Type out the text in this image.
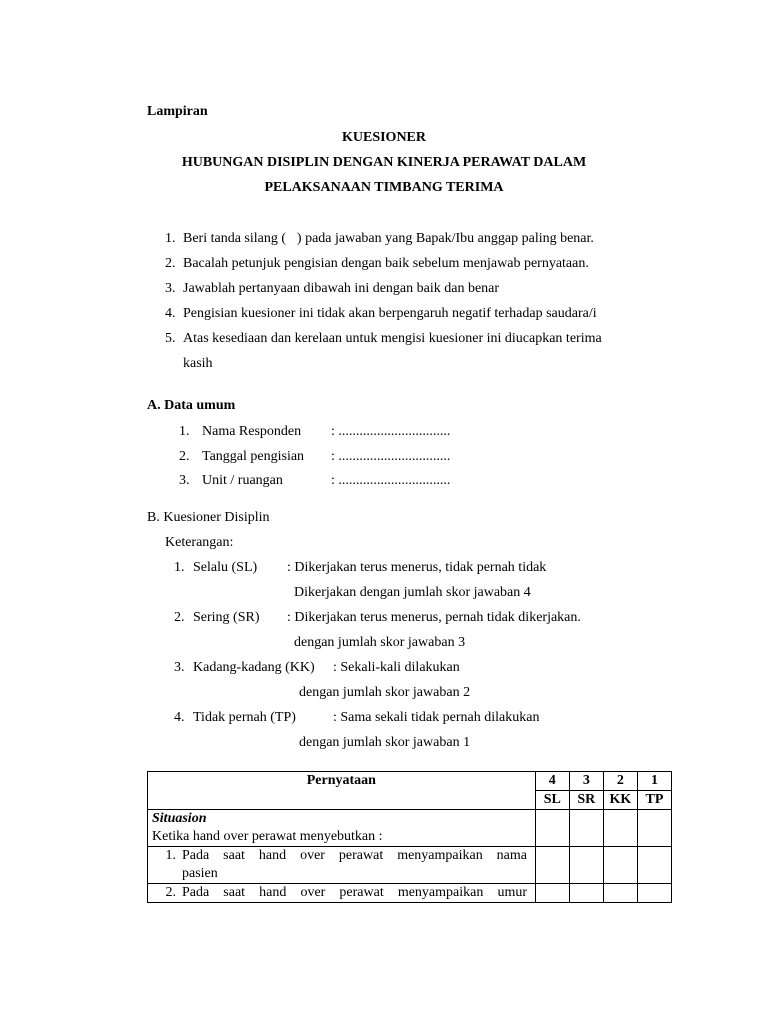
Lampiran
KUESIONER
HUBUNGAN DISIPLIN DENGAN KINERJA PERAWAT DALAM
PELAKSANAAN TIMBANG TERIMA
1. Beri tanda silang (⃒) pada jawaban yang Bapak/Ibu anggap paling benar.
2. Bacalah petunjuk pengisian dengan baik sebelum menjawab pernyataan.
3. Jawablah pertanyaan dibawah ini dengan baik dan benar
4. Pengisian kuesioner ini tidak akan berpengaruh negatif terhadap saudara/i
5. Atas kesediaan dan kerelaan untuk mengisi kuesioner ini diucapkan terima
kasih
A. Data umum
1. Nama Responden : ................................
2. Tanggal pengisian : ................................
3. Unit / ruangan	: ................................
B. Kuesioner Disiplin
Keterangan:
1. Selalu (SL) : Dikerjakan terus menerus, tidak pernah tidak
Dikerjakan dengan jumlah skor jawaban 4
2. Sering (SR) : Dikerjakan terus menerus, pernah tidak dikerjakan.
dengan jumlah skor jawaban 3
3. Kadang-kadang (KK) : Sekali-kali dilakukan
dengan jumlah skor jawaban 2
4. Tidak pernah (TP)	: Sama sekali tidak pernah dilakukan
dengan jumlah skor jawaban 1
Pernyataan	4	3	2	1
	SL	SR	KK	TP

Situasion
Ketika hand over perawat menyebutkan :				

1. Pada saat hand over perawat menyampaikan nama
pasien				

2. Pada saat hand over perawat menyampaikan umur				
